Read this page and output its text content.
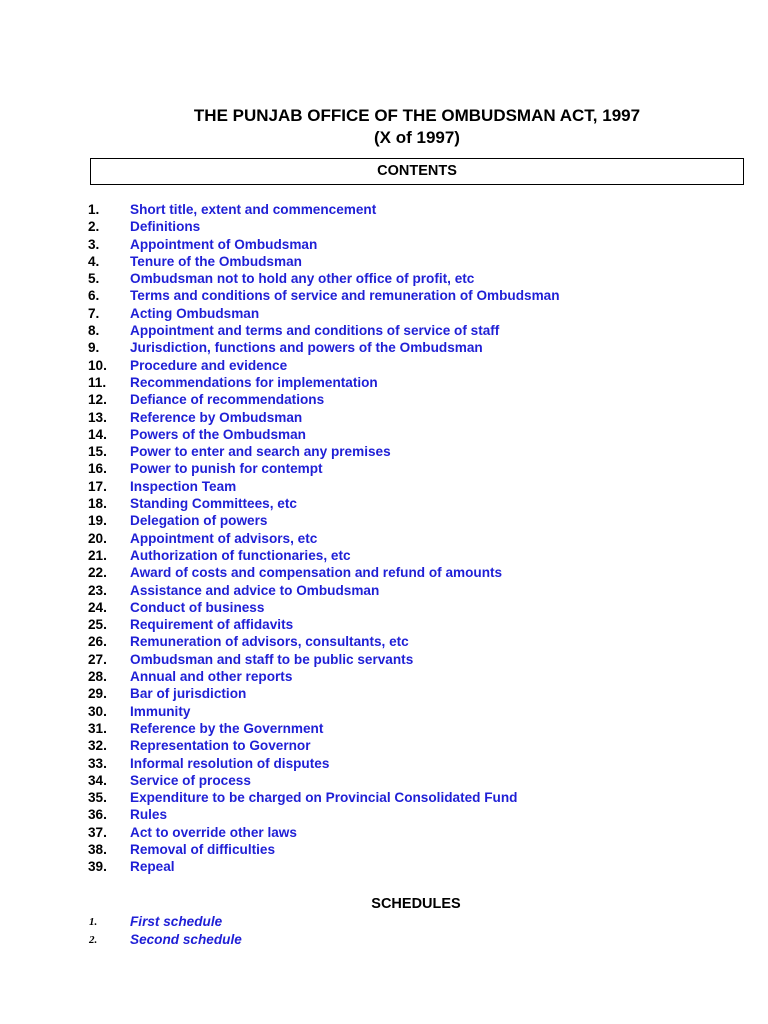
THE PUNJAB OFFICE OF THE OMBUDSMAN ACT, 1997
(X of 1997)
CONTENTS
1.	Short title, extent and commencement
2.	Definitions
3.	Appointment of Ombudsman
4.	Tenure of the Ombudsman
5.	Ombudsman not to hold any other office of profit, etc
6.	Terms and conditions of service and remuneration of Ombudsman
7.	Acting Ombudsman
8.	Appointment and terms and conditions of service of staff
9.	Jurisdiction, functions and powers of the Ombudsman
10.	Procedure and evidence
11.	Recommendations for implementation
12.	Defiance of recommendations
13.	Reference by Ombudsman
14.	Powers of the Ombudsman
15.	Power to enter and search any premises
16.	Power to punish for contempt
17.	Inspection Team
18.	Standing Committees, etc
19.	Delegation of powers
20.	Appointment of advisors, etc
21.	Authorization of functionaries, etc
22.	Award of costs and compensation and refund of amounts
23.	Assistance and advice to Ombudsman
24.	Conduct of business
25.	Requirement of affidavits
26.	Remuneration of advisors, consultants, etc
27.	Ombudsman and staff to be public servants
28.	Annual and other reports
29.	Bar of jurisdiction
30.	Immunity
31.	Reference by the Government
32.	Representation to Governor
33.	Informal resolution of disputes
34.	Service of process
35.	Expenditure to be charged on Provincial Consolidated Fund
36.	Rules
37.	Act to override other laws
38.	Removal of difficulties
39.	Repeal
SCHEDULES
1.	First schedule
2.	Second schedule
